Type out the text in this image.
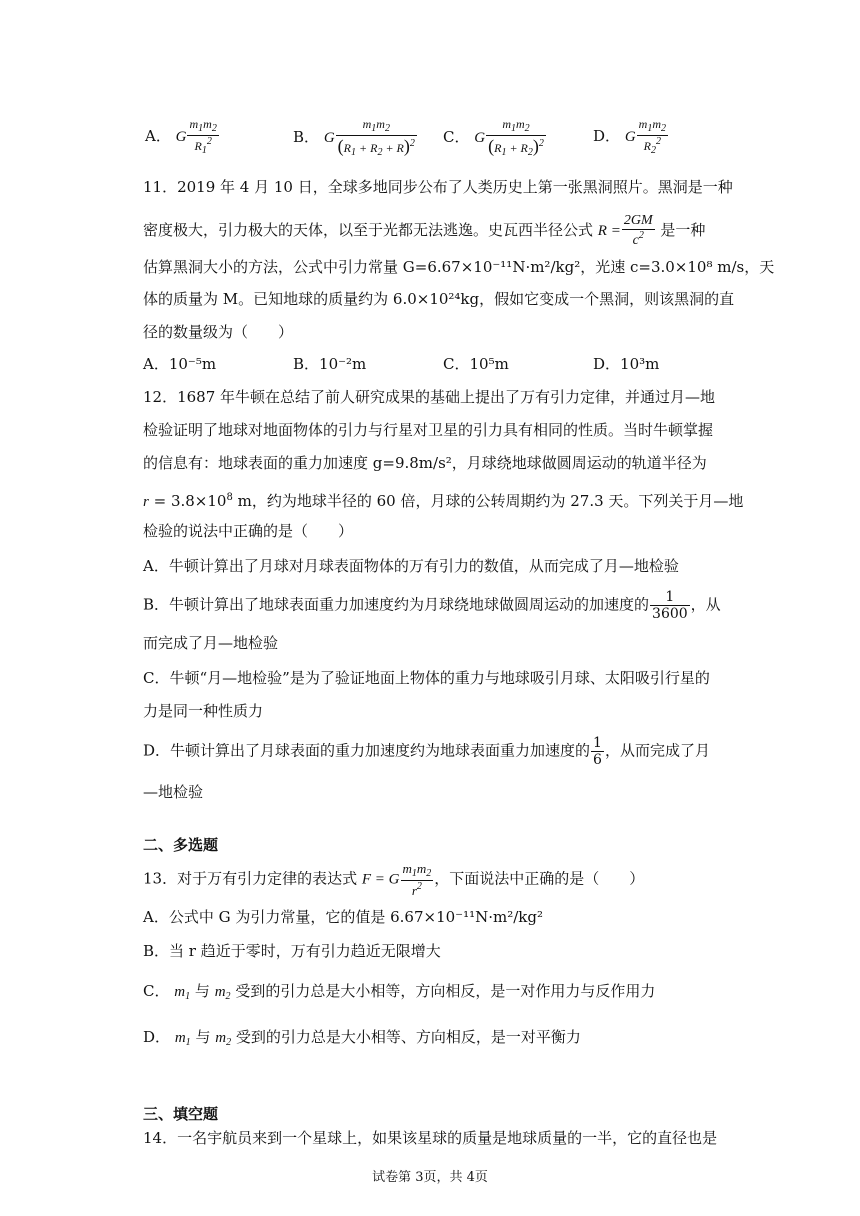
A． G $\frac{m_1m_2}{R_1^2}$	B． G $\frac{m_1m_2}{(R_1 + R_2 + R)^2}$ C． G $\frac{m_1m_2}{(R_1 + R_2)^2}$	D． G $\frac{m_1m_2}{R_2^2}$
11．2019 年 4 月 10 日，全球多地同步公布了人类历史上第一张黑洞照片。黑洞是一种
密度极大，引力极大的天体，以至于光都无法逃逸。史瓦西半径公式 $R = \frac{2GM}{c^2}$ 是一种
估算黑洞大小的方法，公式中引力常量 G=6.67×10⁻¹¹N·m²/kg²，光速 c=3.0×10⁸ m/s，天
体的质量为 M。已知地球的质量约为 6.0×10²⁴kg，假如它变成一个黑洞，则该黑洞的直
径的数量级为（　　）
A．10⁻⁵m	B．10⁻²m	C．10⁵m	D．10³m
12．1687 年牛顿在总结了前人研究成果的基础上提出了万有引力定律，并通过月—地
检验证明了地球对地面物体的引力与行星对卫星的引力具有相同的性质。当时牛顿掌握
的信息有：地球表面的重力加速度 g=9.8m/s²，月球绕地球做圆周运动的轨道半径为
$r = 3.8\times 10^8$ m，约为地球半径的 60 倍，月球的公转周期约为 27.3 天。下列关于月—地
检验的说法中正确的是（　　）
A．牛顿计算出了月球对月球表面物体的万有引力的数值，从而完成了月—地检验
B．牛顿计算出了地球表面重力加速度约为月球绕地球做圆周运动的加速度的 $\frac{1}{3600}$ ，从
而完成了月—地检验
C．牛顿“月—地检验”是为了验证地面上物体的重力与地球吸引月球、太阳吸引行星的
力是同一种性质力
D．牛顿计算出了月球表面的重力加速度约为地球表面重力加速度的 $\frac{1}{6}$ ，从而完成了月
—地检验
二、多选题
13．对于万有引力定律的表达式 F = G $\frac{m_1m_2}{r^2}$ ，下面说法中正确的是（　　）
A．公式中 G 为引力常量，它的值是 6.67×10⁻¹¹N·m²/kg²
B．当 r 趋近于零时，万有引力趋近无限增大
C． $m_1$ 与 $m_2$ 受到的引力总是大小相等，方向相反，是一对作用力与反作用力
D． $m_1$ 与 $m_2$ 受到的引力总是大小相等、方向相反，是一对平衡力
三、填空题
14．一名宇航员来到一个星球上，如果该星球的质量是地球质量的一半，它的直径也是
试卷第 3页，共 4页
